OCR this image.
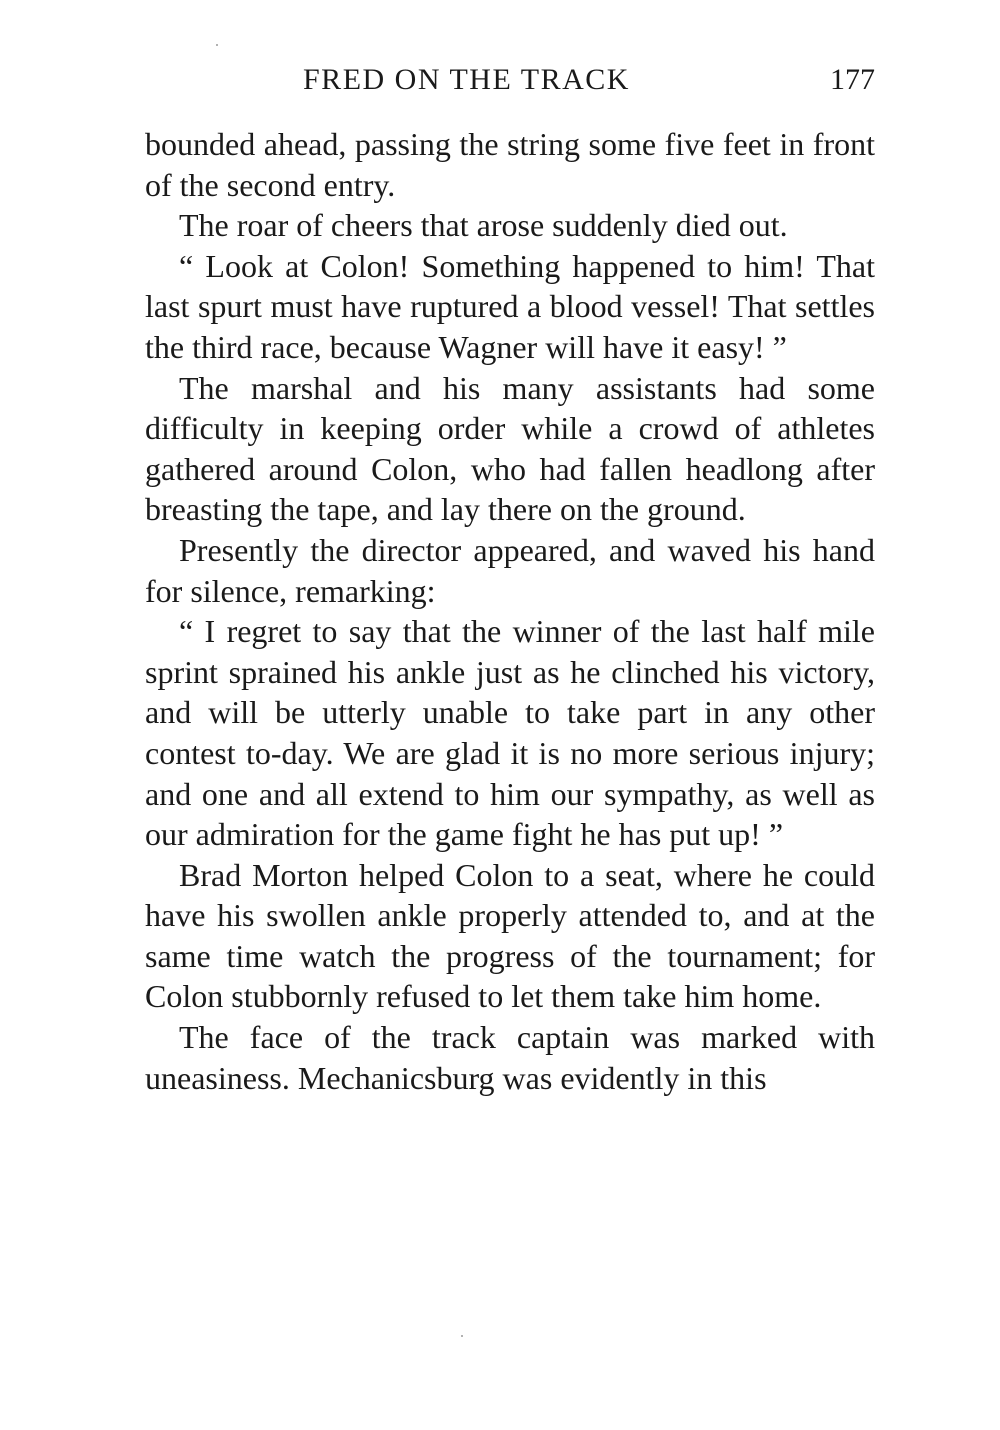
FRED ON THE TRACK	177

bounded ahead, passing the string some five feet in front of the second entry.

The roar of cheers that arose suddenly died out.

“ Look at Colon! Something happened to him! That last spurt must have ruptured a blood vessel! That settles the third race, because Wagner will have it easy! ”

The marshal and his many assistants had some difficulty in keeping order while a crowd of athletes gathered around Colon, who had fallen headlong after breasting the tape, and lay there on the ground.

Presently the director appeared, and waved his hand for silence, remarking:

“ I regret to say that the winner of the last half mile sprint sprained his ankle just as he clinched his victory, and will be utterly unable to take part in any other contest to-day. We are glad it is no more serious injury; and one and all extend to him our sympathy, as well as our admiration for the game fight he has put up! ”

Brad Morton helped Colon to a seat, where he could have his swollen ankle properly attended to, and at the same time watch the progress of the tournament; for Colon stubbornly refused to let them take him home.

The face of the track captain was marked with uneasiness. Mechanicsburg was evidently in this
